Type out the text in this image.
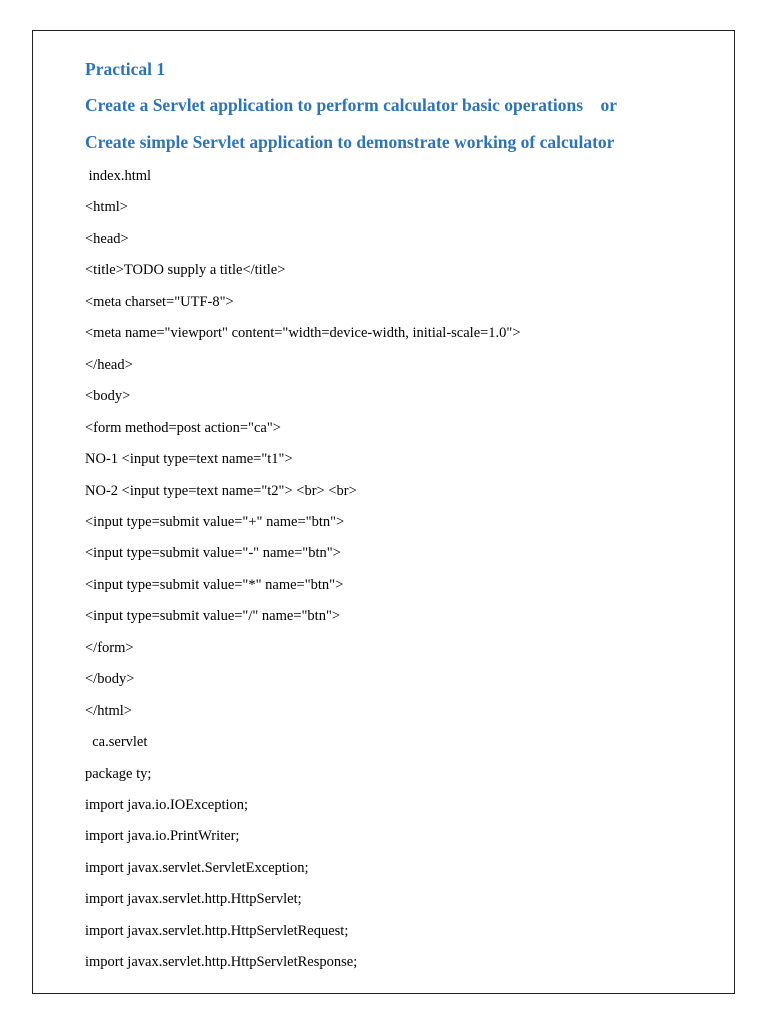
Practical 1
Create a Servlet application to perform calculator basic operations    or
Create simple Servlet application to demonstrate working of calculator
index.html
<html>
<head>
<title>TODO supply a title</title>
<meta charset="UTF-8">
<meta name="viewport" content="width=device-width, initial-scale=1.0">
</head>
<body>
<form method=post action="ca">
NO-1 <input type=text name="t1">
NO-2 <input type=text name="t2"> <br> <br>
<input type=submit value="+" name="btn">
<input type=submit value="-" name="btn">
<input type=submit value="*" name="btn">
<input type=submit value="/" name="btn">
</form>
</body>
</html>
ca.servlet
package ty;
import java.io.IOException;
import java.io.PrintWriter;
import javax.servlet.ServletException;
import javax.servlet.http.HttpServlet;
import javax.servlet.http.HttpServletRequest;
import javax.servlet.http.HttpServletResponse;
